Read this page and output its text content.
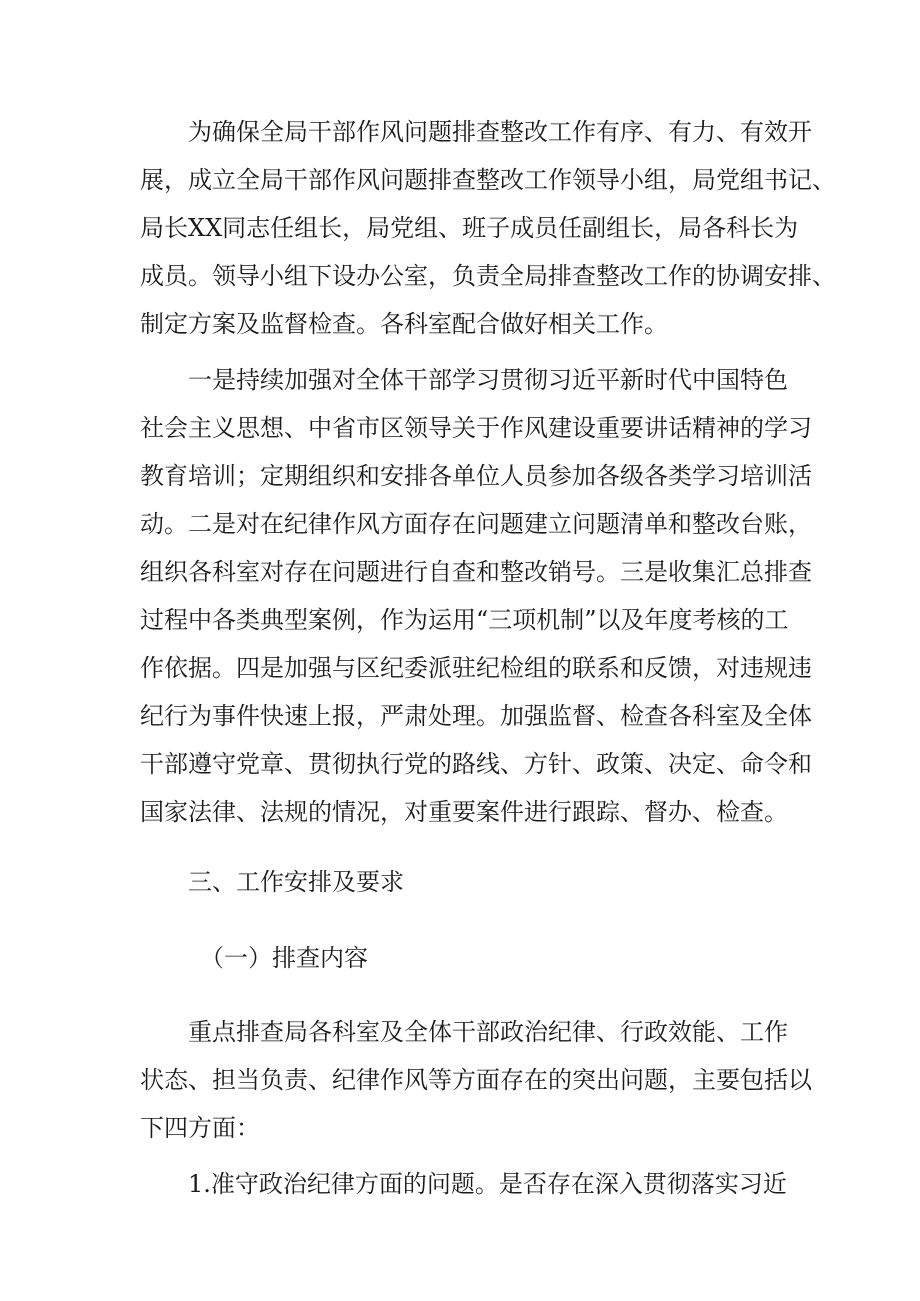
为确保全局干部作风问题排查整改工作有序、有力、有效开
展，成立全局干部作风问题排查整改工作领导小组，局党组书记、
局长XX同志任组长，局党组、班子成员任副组长，局各科长为
成员。领导小组下设办公室，负责全局排查整改工作的协调安排、
制定方案及监督检查。各科室配合做好相关工作。
一是持续加强对全体干部学习贯彻习近平新时代中国特色
社会主义思想、中省市区领导关于作风建设重要讲话精神的学习
教育培训；定期组织和安排各单位人员参加各级各类学习培训活
动。二是对在纪律作风方面存在问题建立问题清单和整改台账，
组织各科室对存在问题进行自查和整改销号。三是收集汇总排查
过程中各类典型案例，作为运用“三项机制”以及年度考核的工
作依据。四是加强与区纪委派驻纪检组的联系和反馈，对违规违
纪行为事件快速上报，严肃处理。加强监督、检查各科室及全体
干部遵守党章、贯彻执行党的路线、方针、政策、决定、命令和
国家法律、法规的情况，对重要案件进行跟踪、督办、检查。
三、工作安排及要求
（一）排查内容
重点排查局各科室及全体干部政治纪律、行政效能、工作
状态、担当负责、纪律作风等方面存在的突出问题，主要包括以
下四方面：
1.准守政治纪律方面的问题。是否存在深入贯彻落实习近
